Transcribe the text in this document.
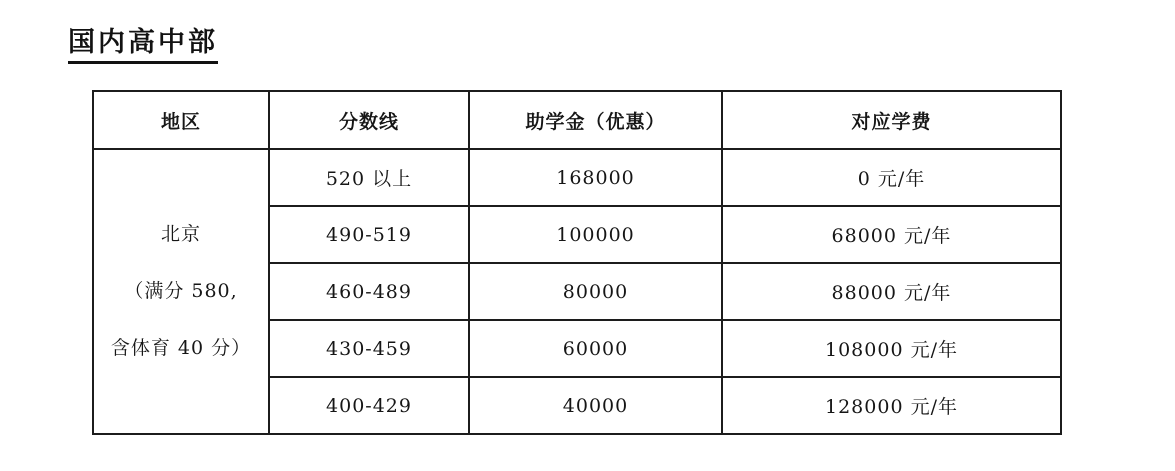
国内高中部
地区	分数线	助学金（优惠）	对应学费

北京
（满分 580,
含体育 40 分）	520 以上	168000	0 元/年
	490-519	100000	68000 元/年
	460-489	80000	88000 元/年
	430-459	60000	108000 元/年
	400-429	40000	128000 元/年
